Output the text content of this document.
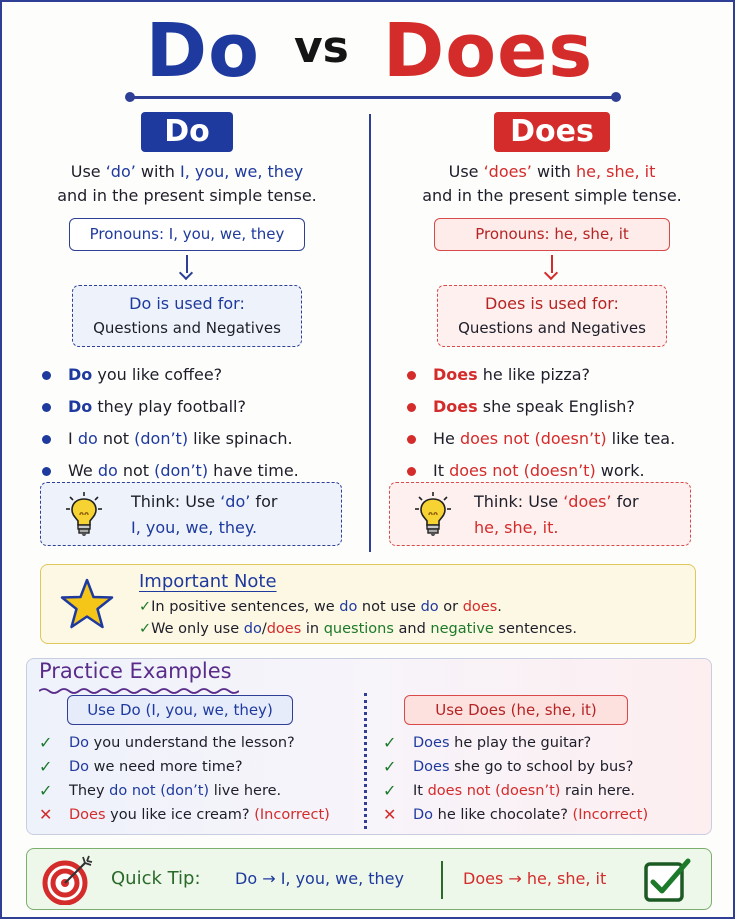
Do vs Does
Do
Use ‘do’ with I, you, we, they
and in the present simple tense.
Pronouns: I, you, we, they
Do is used for:
Questions and Negatives
Do you like coffee?
Do they play football?
I do not (don’t) like spinach.
We do not (don’t) have time.
Think: Use ‘do’ for
I, you, we, they.
Does
Use ‘does’ with he, she, it
and in the present simple tense.
Pronouns: he, she, it
Does is used for:
Questions and Negatives
Does he like pizza?
Does she speak English?
He does not (doesn’t) like tea.
It does not (doesn’t) work.
Think: Use ‘does’ for
he, she, it.
Important Note
✓In positive sentences, we do not use do or does.
✓We only use do/does in questions and negative sentences.
Practice Examples
Use Do (I, you, we, they)	Use Does (he, she, it)
✓ Do you understand the lesson?
✓ Do we need more time?
✓ They do not (don’t) live here.
✕ Does you like ice cream? (Incorrect)
✓ Does he play the guitar?
✓ Does she go to school by bus?
✓ It does not (doesn’t) rain here.
✕ Do he like chocolate? (Incorrect)
Quick Tip: Do → I, you, we, they	Does → he, she, it
